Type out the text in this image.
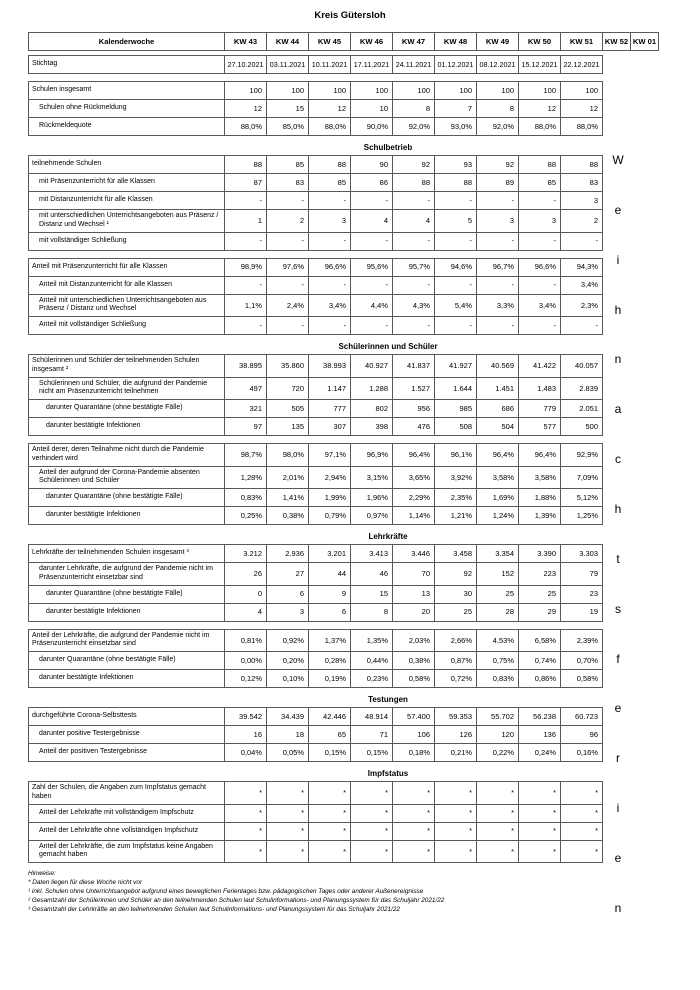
Kreis Gütersloh
Kalenderwoche	KW 43	KW 44	KW 45	KW 46	KW 47	KW 48	KW 49	KW 50	KW 51	KW 52	KW 01
Stichtag	27.10.2021	03.11.2021	10.11.2021	17.11.2021	24.11.2021	01.12.2021	08.12.2021	15.12.2021	22.12.2021
Schulen insgesamt	100	100	100	100	100	100	100	100	100
Schulen ohne Rückmeldung	12	15	12	10	8	7	8	12	12
Rückmeldequote	88,0%	85,0%	88,0%	90,0%	92,0%	93,0%	92,0%	88,0%	88,0%
Schulbetrieb
teilnehmende Schulen	88	85	88	90	92	93	92	88	88
mit Präsenzunterricht für alle Klassen	87	83	85	86	88	88	89	85	83
mit Distanzunterricht für alle Klassen	-	-	-	-	-	-	-	-	3
mit unterschiedlichen Unterrichtsangeboten aus Präsenz / Distanz und Wechsel ¹	1	2	3	4	4	5	3	3	2
mit vollständiger Schließung	-	-	-	-	-	-	-	-	-
Anteil mit Präsenzunterricht für alle Klassen	98,9%	97,6%	96,6%	95,6%	95,7%	94,6%	96,7%	96,6%	94,3%
Anteil mit Distanzunterricht für alle Klassen	-	-	-	-	-	-	-	-	3,4%
Anteil mit unterschiedlichen Unterrichtsangeboten aus Präsenz / Distanz und Wechsel	1,1%	2,4%	3,4%	4,4%	4,3%	5,4%	3,3%	3,4%	2,3%
Anteil mit vollständiger Schließung	-	-	-	-	-	-	-	-	-
Schülerinnen und Schüler
Schülerinnen und Schüler der teilnehmenden Schulen insgesamt ²	38.895	35.860	38.993	40.927	41.837	41.927	40.569	41.422	40.057
Schülerinnen und Schüler, die aufgrund der Pandemie nicht am Präsenzunterricht teilnehmen	497	720	1.147	1.288	1.527	1.644	1.451	1.483	2.839
darunter Quarantäne (ohne bestätigte Fälle)	321	505	777	802	956	985	686	779	2.051
darunter bestätigte Infektionen	97	135	307	398	476	508	504	577	500
Anteil derer, deren Teilnahme nicht durch die Pandemie verhindert wird	98,7%	98,0%	97,1%	96,9%	96,4%	96,1%	96,4%	96,4%	92,9%
Anteil der aufgrund der Corona-Pandemie absenten Schülerinnen und Schüler	1,28%	2,01%	2,94%	3,15%	3,65%	3,92%	3,58%	3,58%	7,09%
darunter Quarantäne (ohne bestätigte Fälle)	0,83%	1,41%	1,99%	1,96%	2,29%	2,35%	1,69%	1,88%	5,12%
darunter bestätigte Infektionen	0,25%	0,38%	0,79%	0,97%	1,14%	1,21%	1,24%	1,39%	1,25%
Lehrkräfte
Lehrkräfte der teilnehmenden Schulen insgesamt ³	3.212	2.936	3.201	3.413	3.446	3.458	3.354	3.390	3.303
darunter Lehrkräfte, die aufgrund der Pandemie nicht im Präsenzunterricht einsetzbar sind	26	27	44	46	70	92	152	223	79
darunter Quarantäne (ohne bestätigte Fälle)	0	6	9	15	13	30	25	25	23
darunter bestätigte Infektionen	4	3	6	8	20	25	28	29	19
Anteil der Lehrkräfte, die aufgrund der Pandemie nicht im Präsenzunterricht einsetzbar sind	0,81%	0,92%	1,37%	1,35%	2,03%	2,66%	4,53%	6,58%	2,39%
darunter Quarantäne (ohne bestätigte Fälle)	0,00%	0,20%	0,28%	0,44%	0,38%	0,87%	0,75%	0,74%	0,70%
darunter bestätigte Infektionen	0,12%	0,10%	0,19%	0,23%	0,58%	0,72%	0,83%	0,86%	0,58%
Testungen
durchgeführte Corona-Selbsttests	39.542	34.439	42.446	48.914	57.400	59.353	55.702	56.238	60.723
darunter positive Testergebnisse	16	18	65	71	106	126	120	136	96
Anteil der positiven Testergebnisse	0,04%	0,05%	0,15%	0,15%	0,18%	0,21%	0,22%	0,24%	0,16%
Impfstatus
Zahl der Schulen, die Angaben zum Impfstatus gemacht haben	*	*	*	*	*	*	*	*	*
Anteil der Lehrkräfte mit vollständigem Impfschutz	*	*	*	*	*	*	*	*	*
Anteil der Lehrkräfte ohne vollständigen Impfschutz	*	*	*	*	*	*	*	*	*
Anteil der Lehrkräfte, die zum Impfstatus keine Angaben gemacht haben	*	*	*	*	*	*	*	*	*
W
e
i
h
n
a
c
h
t
s
f
e
r
i
e
n
Hinweise:
* Daten liegen für diese Woche nicht vor
¹ inkl. Schulen ohne Unterrichtsangebot aufgrund eines beweglichen Ferientages bzw. pädagogischen Tages oder anderer Außenereignisse
² Gesamtzahl der Schülerinnen und Schüler an den teilnehmenden Schulen laut Schulinformations- und Planungssystem für das Schuljahr 2021/22
³ Gesamtzahl der Lehrkräfte an den teilnehmenden Schulen laut Schulinformations- und Planungssystem für das Schuljahr 2021/22
